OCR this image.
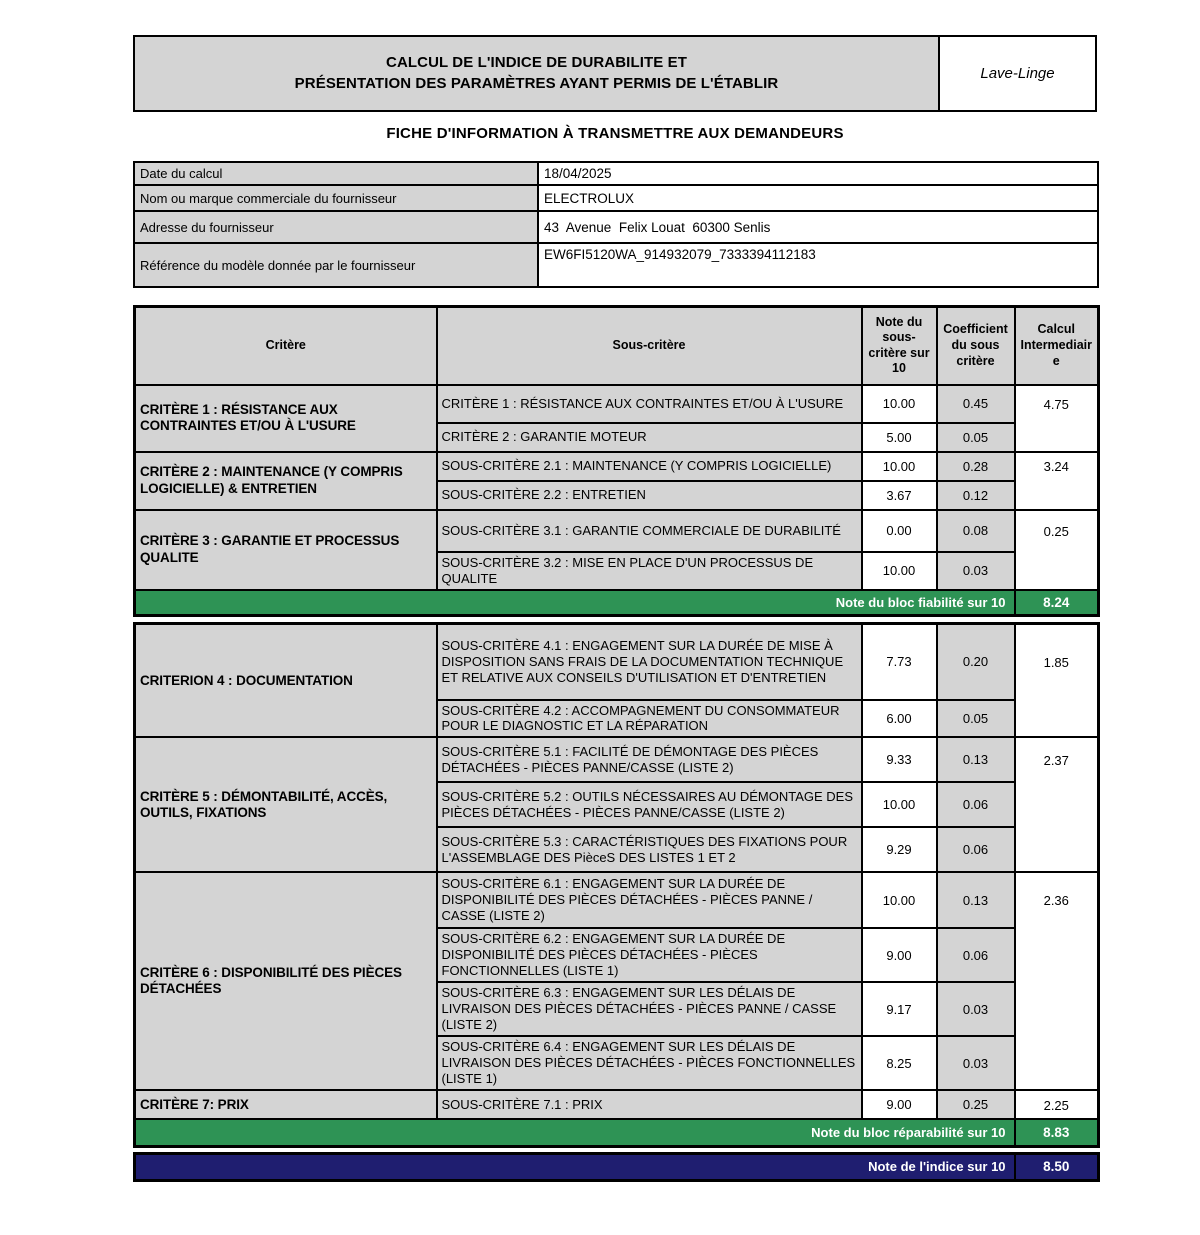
CALCUL DE L'INDICE DE DURABILITE ET
PRÉSENTATION DES PARAMÈTRES AYANT PERMIS DE L'ÉTABLIR
Lave-Linge
FICHE D'INFORMATION À TRANSMETTRE AUX DEMANDEURS
Date du calcul	18/04/2025
Nom ou marque commerciale du fournisseur	ELECTROLUX
Adresse du fournisseur	43  Avenue  Felix Louat  60300 Senlis
Référence du modèle donnée par le fournisseur	EW6FI5120WA_914932079_7333394112183
Critère	Sous-critère	Note du sous-critère sur 10	Coefficient du sous critère	Calcul Intermediaire
CRITÈRE 1 : RÉSISTANCE AUX CONTRAINTES ET/OU À L'USURE	CRITÈRE 1 : RÉSISTANCE AUX CONTRAINTES ET/OU À L'USURE	10.00	0.45	4.75
	CRITÈRE 2 : GARANTIE MOTEUR	5.00	0.05	
CRITÈRE 2 : MAINTENANCE (Y COMPRIS LOGICIELLE) & ENTRETIEN	SOUS-CRITÈRE 2.1 : MAINTENANCE (Y COMPRIS LOGICIELLE)	10.00	0.28	3.24
	SOUS-CRITÈRE 2.2 : ENTRETIEN	3.67	0.12	
CRITÈRE 3 : GARANTIE ET PROCESSUS QUALITE	SOUS-CRITÈRE 3.1 : GARANTIE COMMERCIALE DE DURABILITÉ	0.00	0.08	0.25
	SOUS-CRITÈRE 3.2 : MISE EN PLACE D'UN PROCESSUS DE QUALITE	10.00	0.03	
Note du bloc fiabilité sur 10				8.24
CRITERION 4 : DOCUMENTATION	SOUS-CRITÈRE 4.1 : ENGAGEMENT SUR LA DURÉE DE MISE À DISPOSITION SANS FRAIS DE LA DOCUMENTATION TECHNIQUE ET RELATIVE AUX CONSEILS D'UTILISATION ET D'ENTRETIEN	7.73	0.20	1.85
	SOUS-CRITÈRE 4.2 : ACCOMPAGNEMENT DU CONSOMMATEUR POUR LE DIAGNOSTIC ET LA RÉPARATION	6.00	0.05	
CRITÈRE 5 : DÉMONTABILITÉ, ACCÈS, OUTILS, FIXATIONS	SOUS-CRITÈRE 5.1 : FACILITÉ DE DÉMONTAGE DES PIÈCES DÉTACHÉES - PIÈCES PANNE/CASSE (LISTE 2)	9.33	0.13	2.37
	SOUS-CRITÈRE 5.2 : OUTILS NÉCESSAIRES AU DÉMONTAGE DES PIÈCES DÉTACHÉES - PIÈCES PANNE/CASSE (LISTE 2)	10.00	0.06	
	SOUS-CRITÈRE 5.3 : CARACTÉRISTIQUES DES FIXATIONS POUR L'ASSEMBLAGE DES PièceS DES LISTES 1 ET 2	9.29	0.06	
CRITÈRE 6 : DISPONIBILITÉ DES PIÈCES DÉTACHÉES	SOUS-CRITÈRE 6.1 : ENGAGEMENT SUR LA DURÉE DE DISPONIBILITÉ DES PIÈCES DÉTACHÉES - PIÈCES PANNE / CASSE (LISTE 2)	10.00	0.13	2.36
	SOUS-CRITÈRE 6.2 : ENGAGEMENT SUR LA DURÉE DE DISPONIBILITÉ DES PIÈCES DÉTACHÉES - PIÈCES FONCTIONNELLES (LISTE 1)	9.00	0.06	
	SOUS-CRITÈRE 6.3 : ENGAGEMENT SUR LES DÉLAIS DE LIVRAISON DES PIÈCES DÉTACHÉES - PIÈCES PANNE / CASSE (LISTE 2)	9.17	0.03	
	SOUS-CRITÈRE 6.4 : ENGAGEMENT SUR LES DÉLAIS DE LIVRAISON DES PIÈCES DÉTACHÉES - PIÈCES FONCTIONNELLES (LISTE 1)	8.25	0.03	
CRITÈRE 7: PRIX	SOUS-CRITÈRE 7.1 : PRIX	9.00	0.25	2.25
Note du bloc réparabilité sur 10				8.83
Note de l'indice sur 10	8.50
